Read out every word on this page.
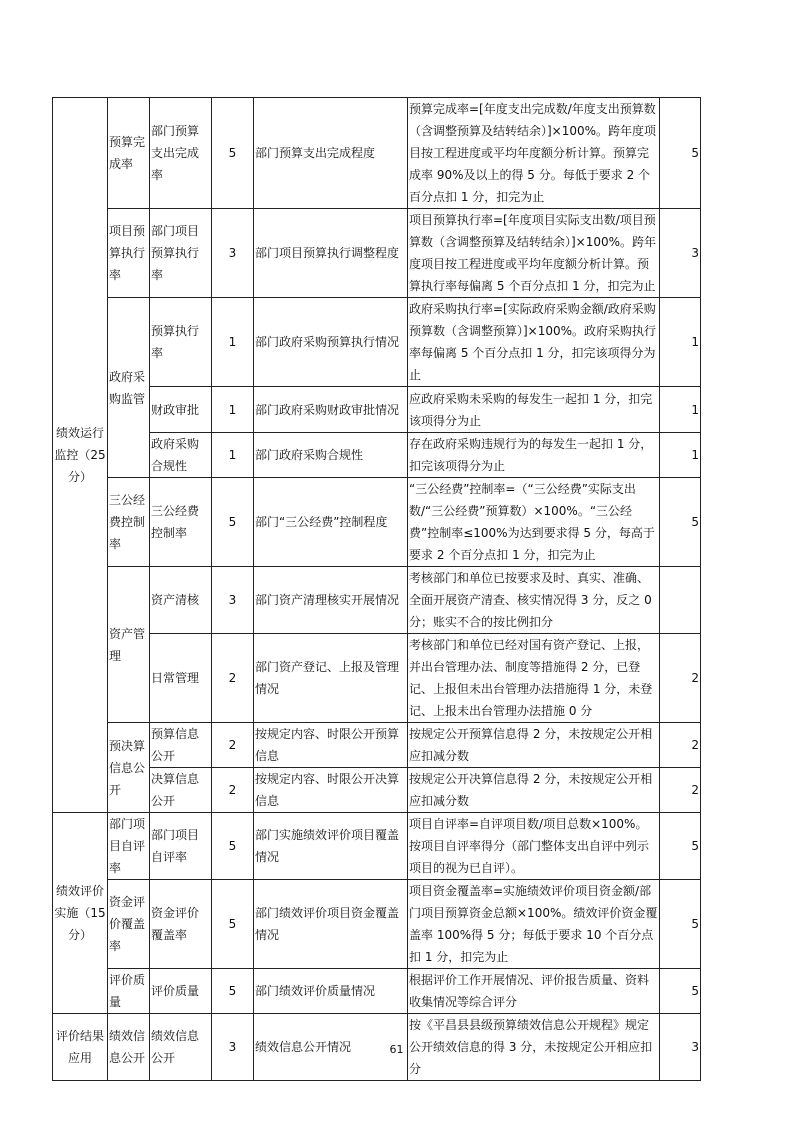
绩效运行监控（25 分）	预算完成率	部门预算支出完成率	5	部门预算支出完成程度	预算完成率=[年度支出完成数/年度支出预算数（含调整预算及结转结余）]×100%。跨年度项目按工程进度或平均年度额分析计算。预算完成率 90%及以上的得 5 分。每低于要求 2 个百分点扣 1 分，扣完为止	5
	项目预算执行率	部门项目预算执行率	3	部门项目预算执行调整程度	项目预算执行率=[年度项目实际支出数/项目预算数（含调整预算及结转结余）]×100%。跨年度项目按工程进度或平均年度额分析计算。预算执行率每偏离 5 个百分点扣 1 分，扣完为止	3
	政府采购监管	预算执行率	1	部门政府采购预算执行情况	政府采购执行率=[实际政府采购金额/政府采购预算数（含调整预算）]×100%。政府采购执行率每偏离 5 个百分点扣 1 分，扣完该项得分为止	1
		财政审批	1	部门政府采购财政审批情况	应政府采购未采购的每发生一起扣 1 分，扣完该项得分为止	1
		政府采购合规性	1	部门政府采购合规性	存在政府采购违规行为的每发生一起扣 1 分，扣完该项得分为止	1
	三公经费控制率	三公经费控制率	5	部门“三公经费”控制程度	“三公经费”控制率=（“三公经费”实际支出数/“三公经费”预算数）×100%。“三公经费”控制率≤100%为达到要求得 5 分，每高于要求 2 个百分点扣 1 分，扣完为止	5
	资产管理	资产清核	3	部门资产清理核实开展情况	考核部门和单位已按要求及时、真实、准确、全面开展资产清查、核实情况得 3 分，反之 0 分；账实不合的按比例扣分	
		日常管理	2	部门资产登记、上报及管理情况	考核部门和单位已经对国有资产登记、上报，并出台管理办法、制度等措施得 2 分，已登记、上报但未出台管理办法措施得 1 分，未登记、上报未出台管理办法措施 0 分	2
	预决算信息公开	预算信息公开	2	按规定内容、时限公开预算信息	按规定公开预算信息得 2 分，未按规定公开相应扣减分数	2
		决算信息公开	2	按规定内容、时限公开决算信息	按规定公开决算信息得 2 分，未按规定公开相应扣减分数	2
绩效评价实施（15 分）	部门项目自评率	部门项目自评率	5	部门实施绩效评价项目覆盖情况	项目自评率=自评项目数/项目总数×100%。按项目自评率得分（部门整体支出自评中列示项目的视为已自评）。	5
	资金评价覆盖率	资金评价覆盖率	5	部门绩效评价项目资金覆盖情况	项目资金覆盖率=实施绩效评价项目资金额/部门项目预算资金总额×100%。绩效评价资金覆盖率 100%得 5 分；每低于要求 10 个百分点扣 1 分，扣完为止	5
	评价质量	评价质量	5	部门绩效评价质量情况	根据评价工作开展情况、评价报告质量、资料收集情况等综合评分	5
评价结果应用	绩效信息公开	绩效信息公开	3	绩效信息公开情况	按《平昌县县级预算绩效信息公开规程》规定公开绩效信息的得 3 分，未按规定公开相应扣分	3
61
